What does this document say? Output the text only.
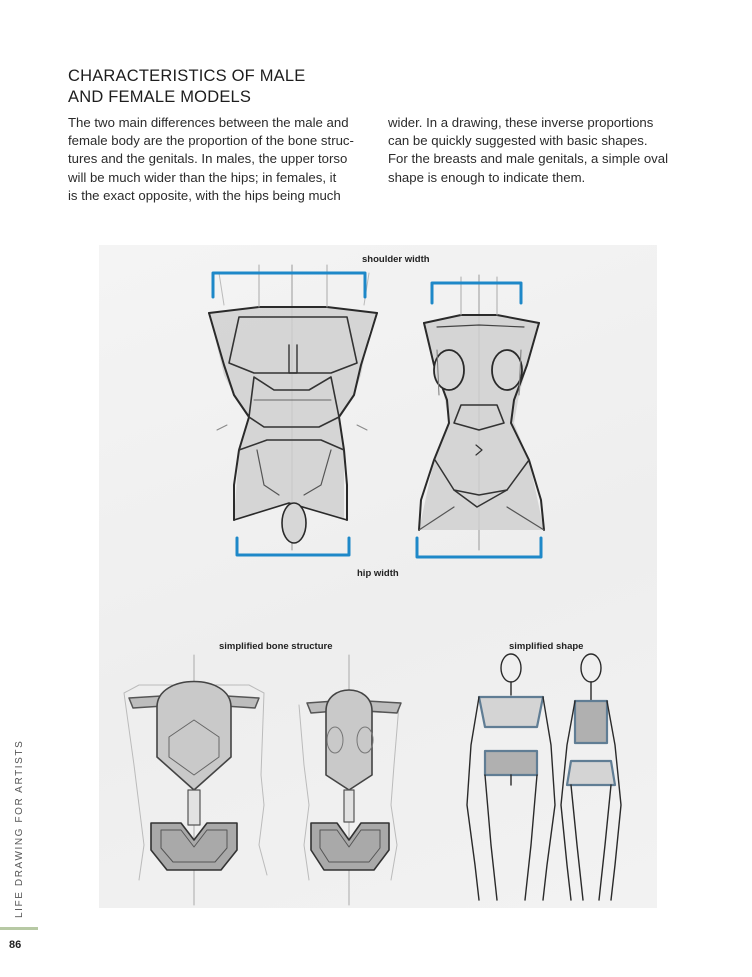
CHARACTERISTICS OF MALE
AND FEMALE MODELS
The two main differences between the male and
female body are the proportion of the bone struc-
tures and the genitals. In males, the upper torso
will be much wider than the hips; in females, it
is the exact opposite, with the hips being much
wider. In a drawing, these inverse proportions
can be quickly suggested with basic shapes.
For the breasts and male genitals, a simple oval
shape is enough to indicate them.
shoulder width
hip width
simplified bone structure	simplified shape
LIFE DRAWING FOR ARTISTS
86
